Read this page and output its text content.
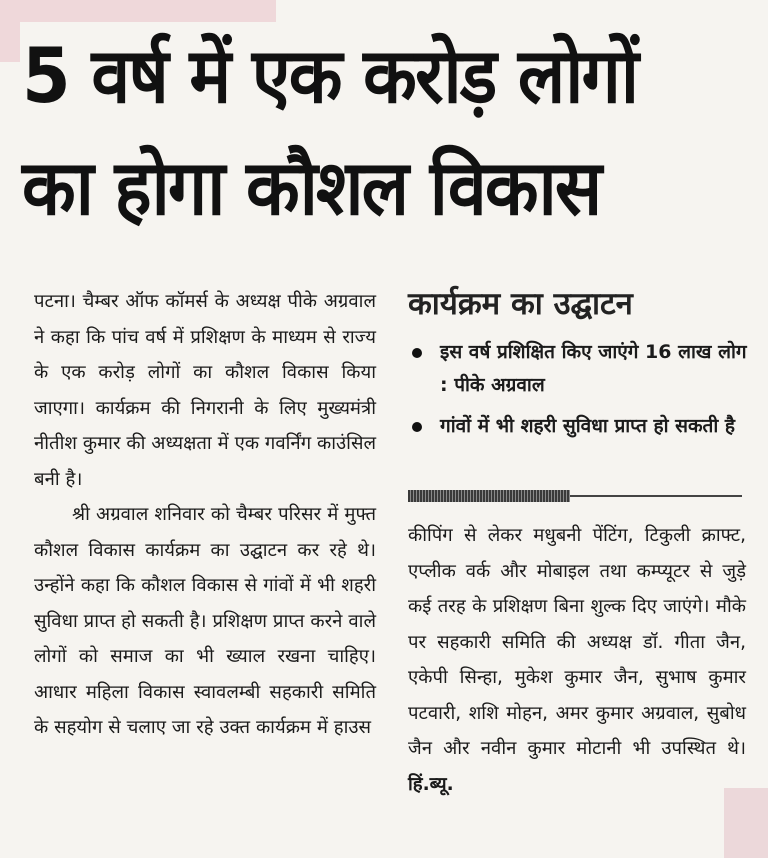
5 वर्ष में एक करोड़ लोगों
का होगा कौशल विकास

पटना। चैम्बर ऑफ कॉमर्स के अध्यक्ष पीके अग्रवाल ने कहा कि पांच वर्ष में प्रशिक्षण के माध्यम से राज्य के एक करोड़ लोगों का कौशल विकास किया जाएगा। कार्यक्रम की निगरानी के लिए मुख्यमंत्री नीतीश कुमार की अध्यक्षता में एक गवर्निंग काउंसिल बनी है।

श्री अग्रवाल शनिवार को चैम्बर परिसर में मुफ्त कौशल विकास कार्यक्रम का उद्घाटन कर रहे थे। उन्होंने कहा कि कौशल विकास से गांवों में भी शहरी सुविधा प्राप्त हो सकती है। प्रशिक्षण प्राप्त करने वाले लोगों को समाज का भी ख्याल रखना चाहिए। आधार महिला विकास स्वावलम्बी सहकारी समिति के सहयोग से चलाए जा रहे उक्त कार्यक्रम में हाउस

कार्यक्रम का उद्घाटन
इस वर्ष प्रशिक्षित किए जाएंगे 16 लाख लोग : पीके अग्रवाल
गांवों में भी शहरी सुविधा प्राप्त हो सकती है

कीपिंग से लेकर मधुबनी पेंटिंग, टिकुली क्राफ्ट, एप्लीक वर्क और मोबाइल तथा कम्प्यूटर से जुड़े कई तरह के प्रशिक्षण बिना शुल्क दिए जाएंगे। मौके पर सहकारी समिति की अध्यक्ष डॉ. गीता जैन, एकेपी सिन्हा, मुकेश कुमार जैन, सुभाष कुमार पटवारी, शशि मोहन, अमर कुमार अग्रवाल, सुबोध जैन और नवीन कुमार मोटानी भी उपस्थित थे। हिं.ब्यू.
